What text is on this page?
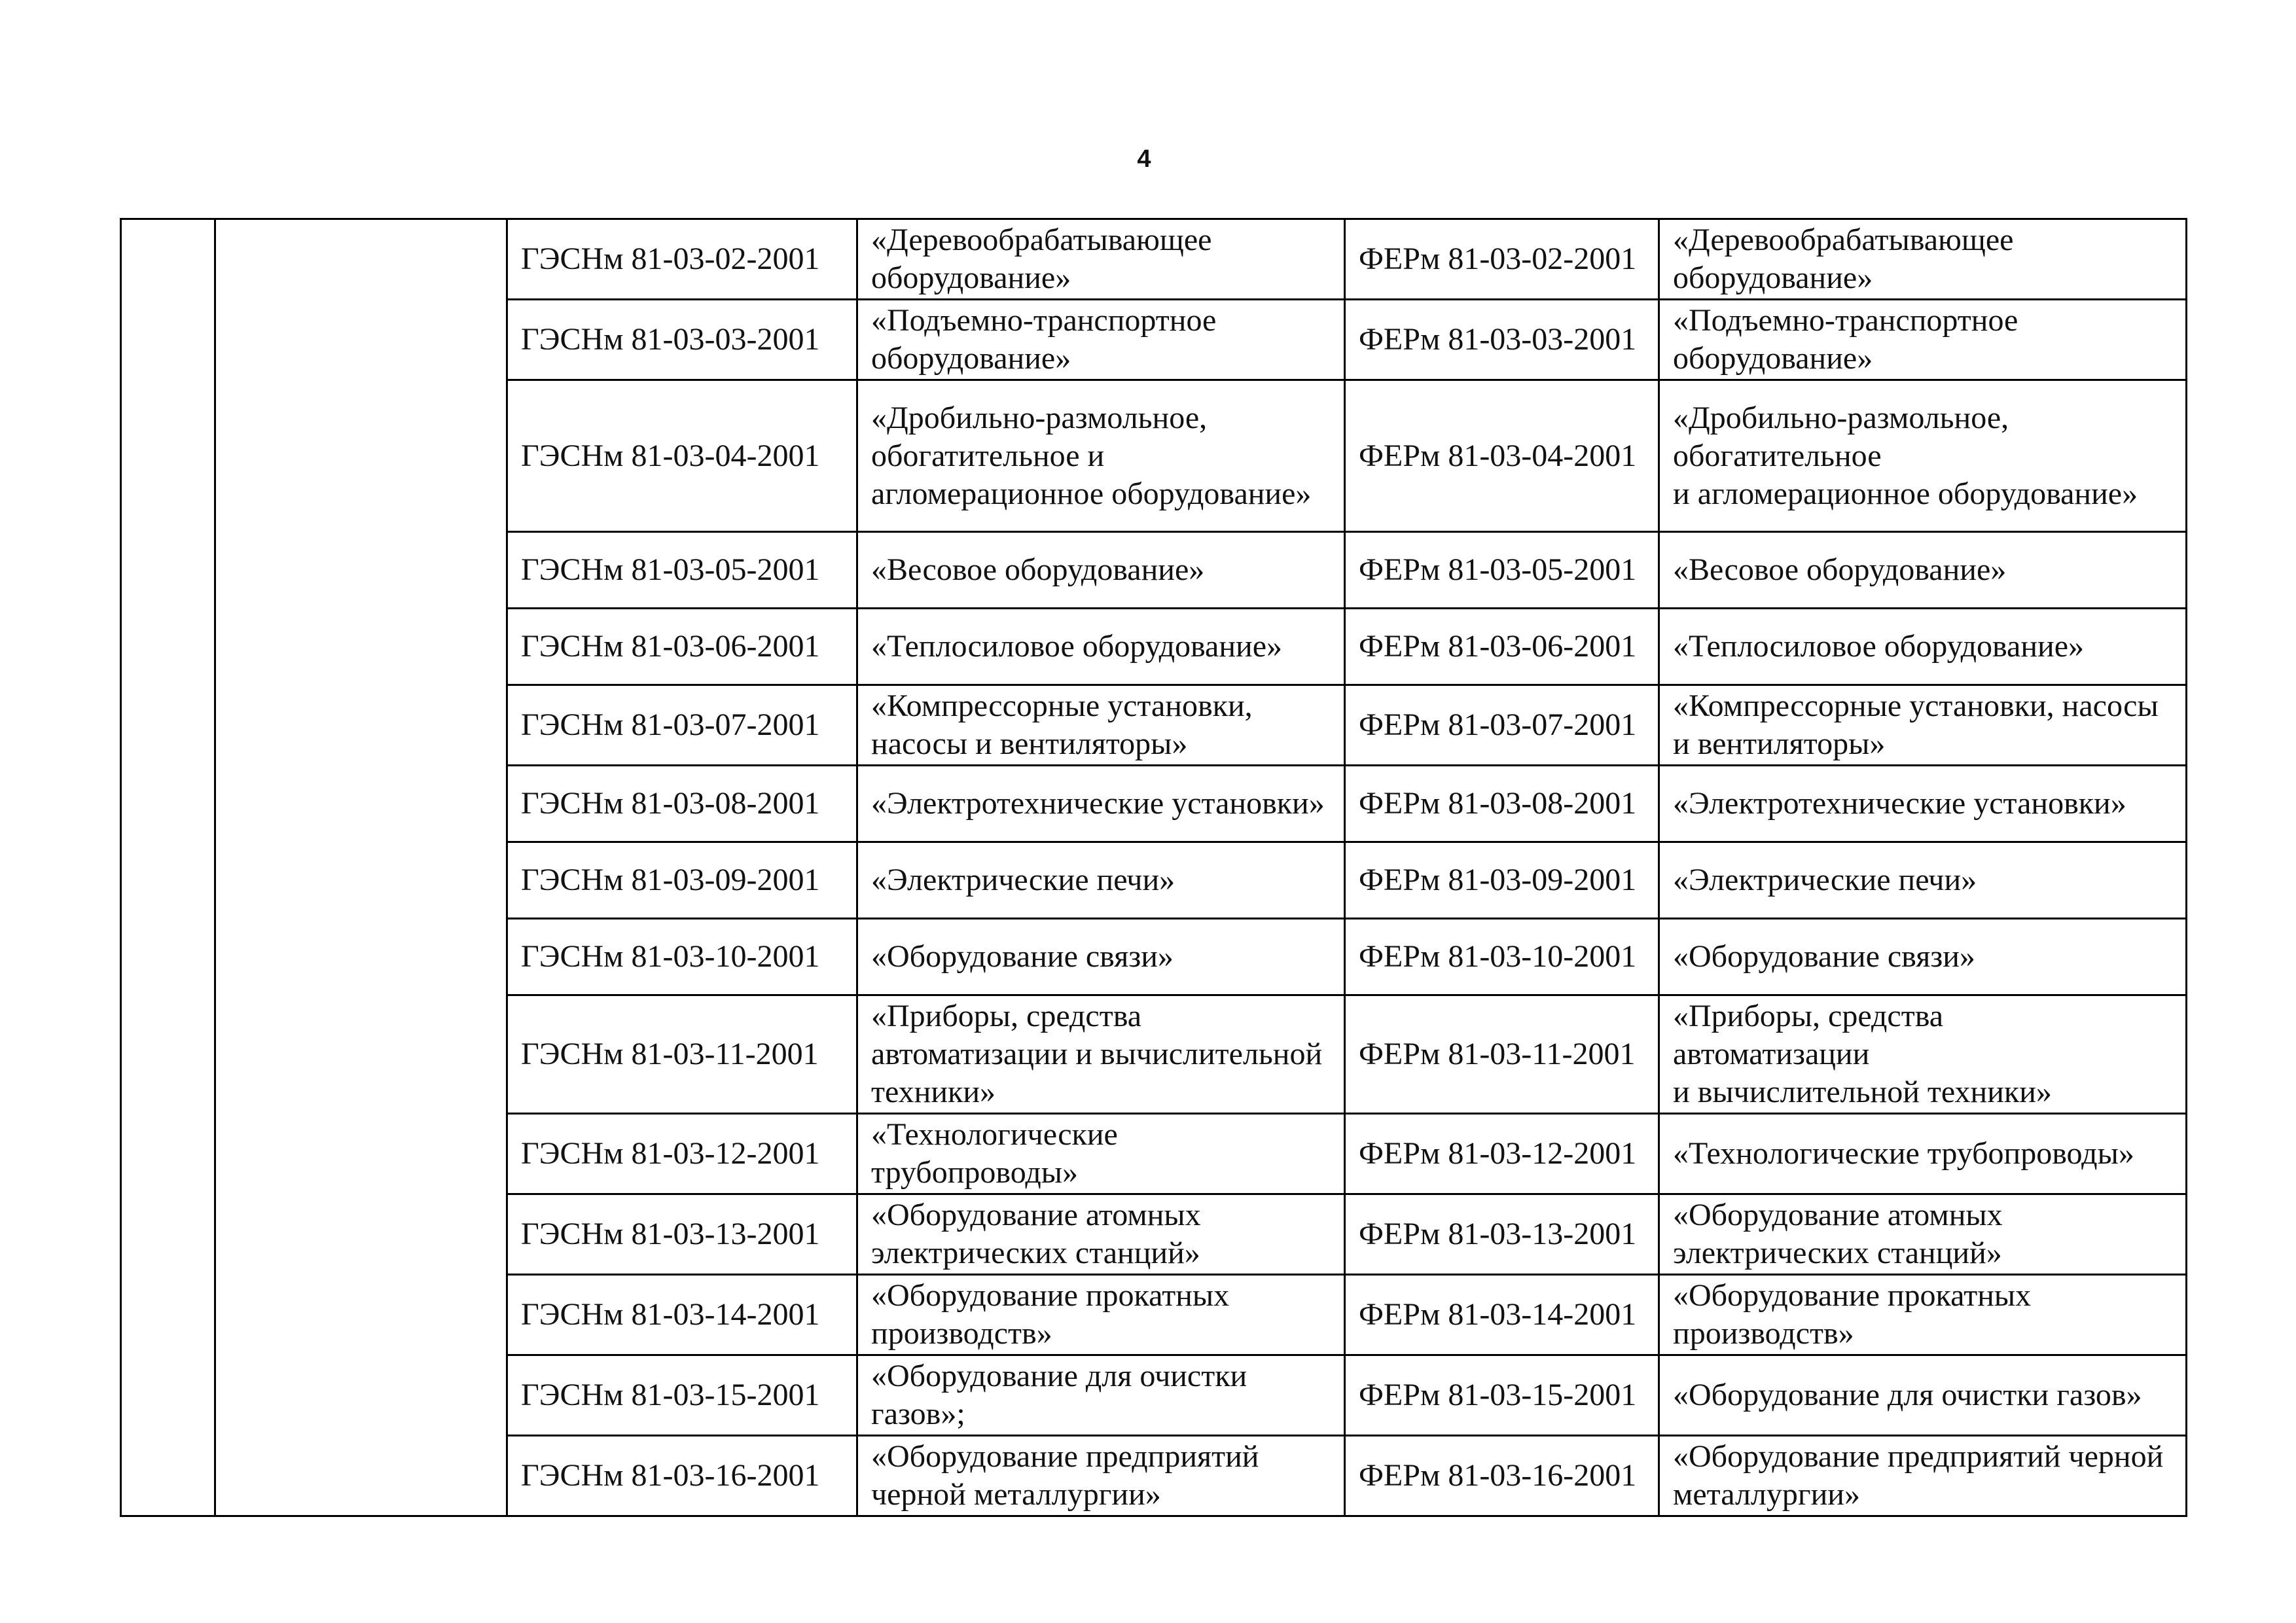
4
		ГЭСНм 81-03-02-2001	«Деревообрабатывающее оборудование»	ФЕРм 81-03-02-2001	«Деревообрабатывающее оборудование»
		ГЭСНм 81-03-03-2001	«Подъемно-транспортное оборудование»	ФЕРм 81-03-03-2001	«Подъемно-транспортное оборудование»
		ГЭСНм 81-03-04-2001	«Дробильно-размольное, обогатительное и агломерационное оборудование»	ФЕРм 81-03-04-2001	«Дробильно-размольное, обогатительное
и агломерационное оборудование»
		ГЭСНм 81-03-05-2001	«Весовое оборудование»	ФЕРм 81-03-05-2001	«Весовое оборудование»
		ГЭСНм 81-03-06-2001	«Теплосиловое оборудование»	ФЕРм 81-03-06-2001	«Теплосиловое оборудование»
		ГЭСНм 81-03-07-2001	«Компрессорные установки, насосы и вентиляторы»	ФЕРм 81-03-07-2001	«Компрессорные установки, насосы и вентиляторы»
		ГЭСНм 81-03-08-2001	«Электротехнические установки»	ФЕРм 81-03-08-2001	«Электротехнические установки»
		ГЭСНм 81-03-09-2001	«Электрические печи»	ФЕРм 81-03-09-2001	«Электрические печи»
		ГЭСНм 81-03-10-2001	«Оборудование связи»	ФЕРм 81-03-10-2001	«Оборудование связи»
		ГЭСНм 81-03-11-2001	«Приборы, средства автоматизации и вычислительной техники»	ФЕРм 81-03-11-2001	«Приборы, средства
автоматизации
и вычислительной техники»
		ГЭСНм 81-03-12-2001	«Технологические трубопроводы»	ФЕРм 81-03-12-2001	«Технологические трубопроводы»
		ГЭСНм 81-03-13-2001	«Оборудование атомных электрических станций»	ФЕРм 81-03-13-2001	«Оборудование атомных электрических станций»
		ГЭСНм 81-03-14-2001	«Оборудование прокатных производств»	ФЕРм 81-03-14-2001	«Оборудование прокатных производств»
		ГЭСНм 81-03-15-2001	«Оборудование для очистки газов»;	ФЕРм 81-03-15-2001	«Оборудование для очистки газов»
		ГЭСНм 81-03-16-2001	«Оборудование предприятий черной металлургии»	ФЕРм 81-03-16-2001	«Оборудование предприятий черной металлургии»
